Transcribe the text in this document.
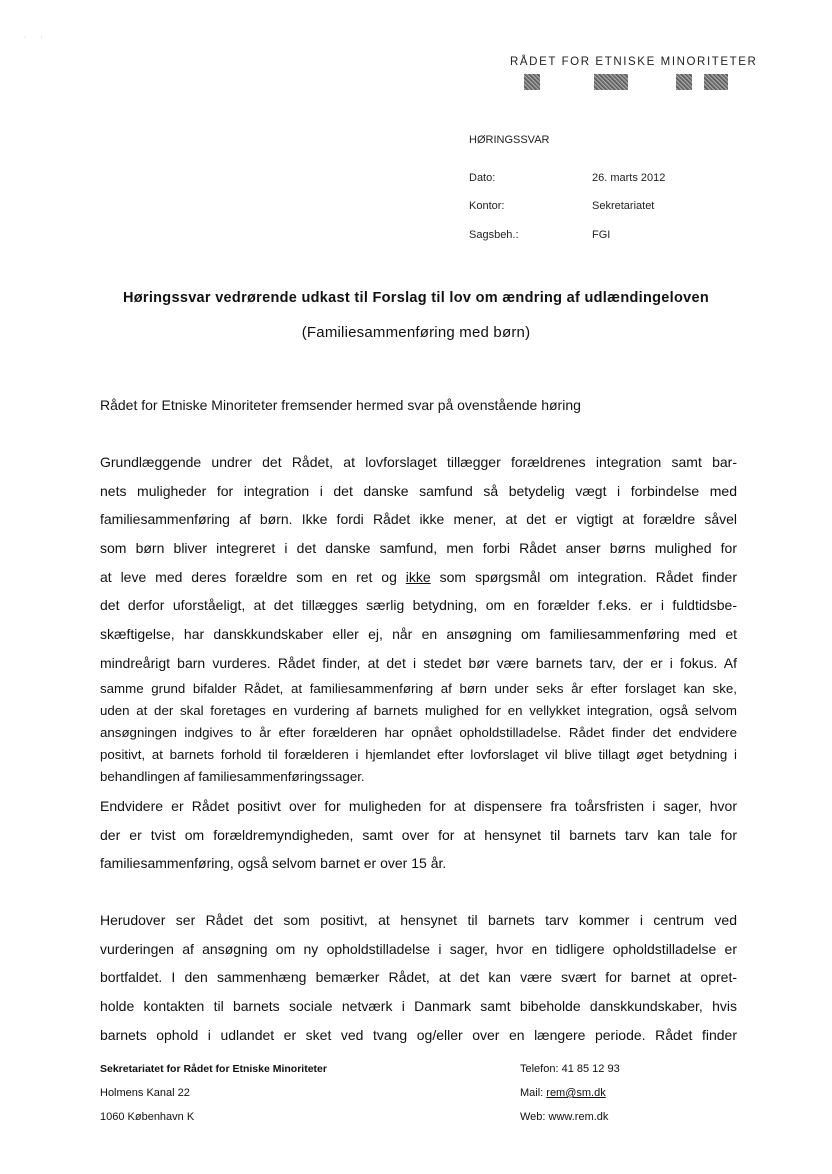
· ·
RÅDET FOR ETNISKE MINORITETER
HØRINGSSVAR
Dato:	26. marts 2012
Kontor:	Sekretariatet
Sagsbeh.:	FGI
Høringssvar vedrørende udkast til Forslag til lov om ændring af udlændingeloven
(Familiesammenføring med børn)
Rådet for Etniske Minoriteter fremsender hermed svar på ovenstående høring
Grundlæggende undrer det Rådet, at lovforslaget tillægger forældrenes integration samt bar-
nets muligheder for integration i det danske samfund så betydelig vægt i forbindelse med
familiesammenføring af børn. Ikke fordi Rådet ikke mener, at det er vigtigt at forældre såvel
som børn bliver integreret i det danske samfund, men forbi Rådet anser børns mulighed for
at leve med deres forældre som en ret og ikke som spørgsmål om integration. Rådet finder
det derfor uforståeligt, at det tillægges særlig betydning, om en forælder f.eks. er i fuldtidsbe-
skæftigelse, har danskkundskaber eller ej, når en ansøgning om familiesammenføring med et
mindreårigt barn vurderes. Rådet finder, at det i stedet bør være barnets tarv, der er i fokus. Af
samme grund bifalder Rådet, at familiesammenføring af børn under seks år efter forslaget kan ske,
uden at der skal foretages en vurdering af barnets mulighed for en vellykket integration, også selvom
ansøgningen indgives to år efter forælderen har opnået opholdstilladelse. Rådet finder det endvidere
positivt, at barnets forhold til forælderen i hjemlandet efter lovforslaget vil blive tillagt øget betydning i
behandlingen af familiesammenføringssager.
Endvidere er Rådet positivt over for muligheden for at dispensere fra toårsfristen i sager, hvor
der er tvist om forældremyndigheden, samt over for at hensynet til barnets tarv kan tale for
familiesammenføring, også selvom barnet er over 15 år.
Herudover ser Rådet det som positivt, at hensynet til barnets tarv kommer i centrum ved
vurderingen af ansøgning om ny opholdstilladelse i sager, hvor en tidligere opholdstilladelse er
bortfaldet. I den sammenhæng bemærker Rådet, at det kan være svært for barnet at opret-
holde kontakten til barnets sociale netværk i Danmark samt bibeholde danskkundskaber, hvis
barnets ophold i udlandet er sket ved tvang og/eller over en længere periode. Rådet finder
Sekretariatet for Rådet for Etniske Minoriteter
Holmens Kanal 22
1060 København K
Telefon: 41 85 12 93
Mail: rem@sm.dk
Web: www.rem.dk
